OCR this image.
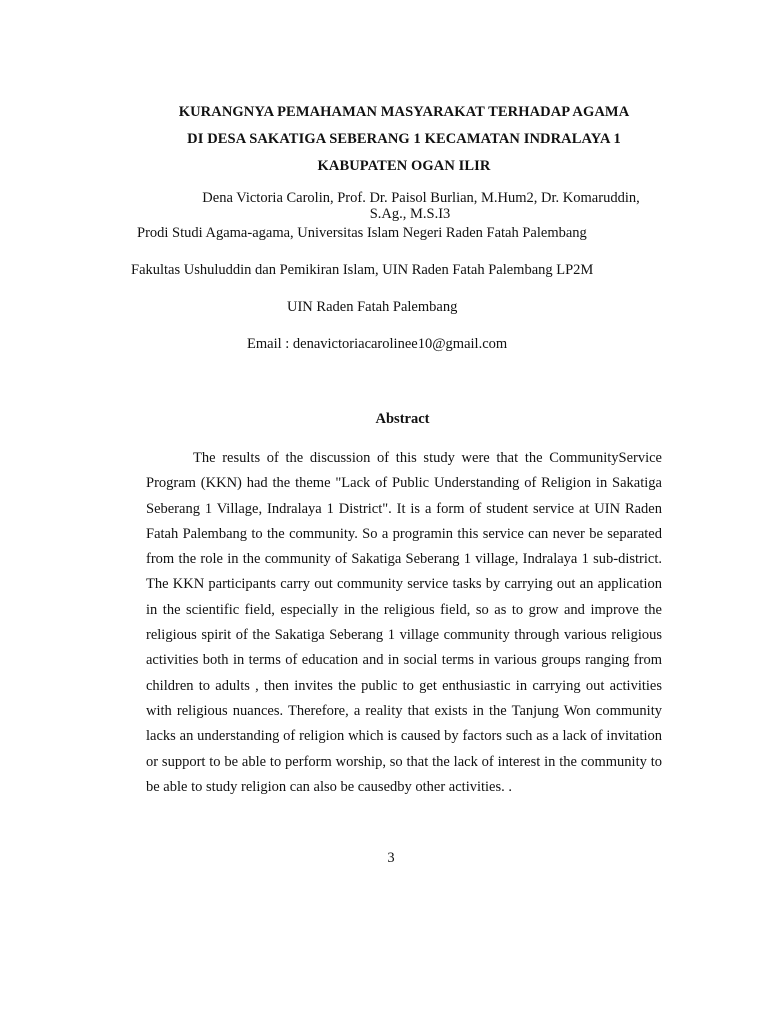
KURANGNYA PEMAHAMAN MASYARAKAT TERHADAP AGAMA
DI DESA SAKATIGA SEBERANG 1 KECAMATAN INDRALAYA 1
KABUPATEN OGAN ILIR
Dena Victoria Carolin, Prof. Dr. Paisol Burlian, M.Hum2, Dr. Komaruddin,
S.Ag., M.S.I3
Prodi Studi Agama-agama, Universitas Islam Negeri Raden Fatah Palembang
Fakultas Ushuluddin dan Pemikiran Islam, UIN Raden Fatah Palembang LP2M
UIN Raden Fatah Palembang
Email : denavictoriacarolinee10@gmail.com
Abstract

The results of the discussion of this study were that the CommunityService Program (KKN) had the theme "Lack of Public Understanding of Religion in Sakatiga Seberang 1 Village, Indralaya 1 District". It is a form of student service at UIN Raden Fatah Palembang to the community. So a programin this service can never be separated from the role in the community of Sakatiga Seberang 1 village, Indralaya 1 sub-district. The KKN participants carry out community service tasks by carrying out an application in the scientific field, especially in the religious field, so as to grow and improve the religious spirit of the Sakatiga Seberang 1 village community through various religious activities both in terms of education and in social terms in various groups ranging from children to adults , then invites the public to get enthusiastic in carrying out activities with religious nuances. Therefore, a reality that exists in the Tanjung Won community lacks an understanding of religion which is caused by factors such as a lack of invitation or support to be able to perform worship, so that the lack of interest in the community to be able to study religion can also be causedby other activities. .

3
